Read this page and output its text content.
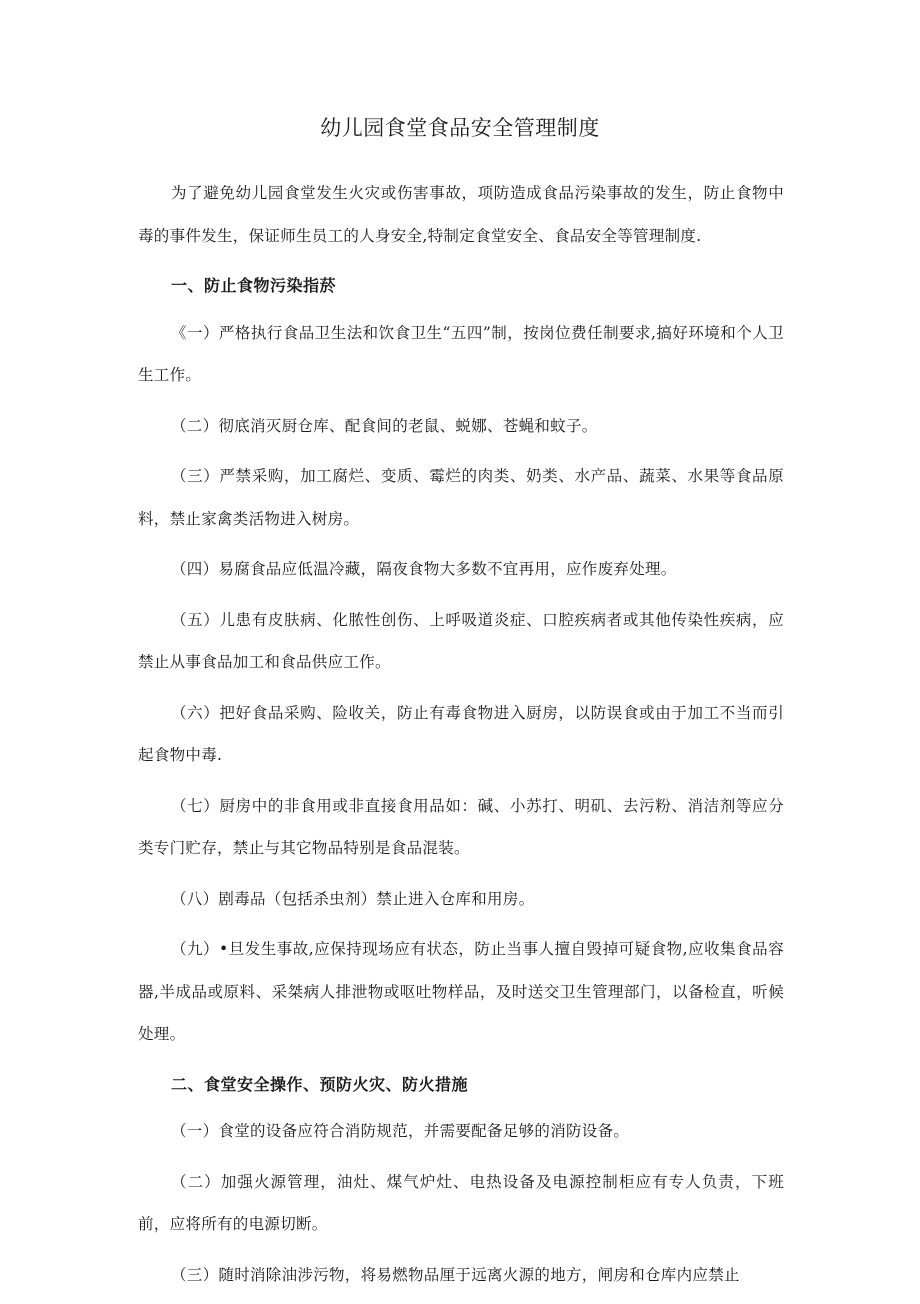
幼儿园食堂食品安全管理制度

为了避免幼儿园食堂发生火灾或伤害事故，项防造成食品污染事故的发生，防止食物中毒的事件发生，保证师生员工的人身安全,特制定食堂安全、食品安全等管理制度.

一、防止食物污染指菸

《一）严格执行食品卫生法和饮食卫生“五四”制，按岗位费任制要求,搞好环境和个人卫生工作。

（二）彻底消灭厨仓库、配食间的老鼠、蜕娜、苍蝇和蚊子。

（三）严禁采购，加工腐烂、变质、霉烂的肉类、奶类、水产品、蔬菜、水果等食品原料，禁止家禽类活物进入树房。

（四）易腐食品应低温冷藏，隔夜食物大多数不宜再用，应作废弃处理。

（五）儿患有皮肤病、化脓性创伤、上呼吸道炎症、口腔疾病者或其他传染性疾病，应禁止从事食品加工和食品供应工作。

（六）把好食品采购、险收关，防止有毒食物进入厨房，以防误食或由于加工不当而引起食物中毒.

（七）厨房中的非食用或非直接食用品如：碱、小苏打、明矶、去污粉、消洁剂等应分类专门贮存，禁止与其它物品特别是食品混装。

（八）剧毒品（包括杀虫剂）禁止进入仓库和用房。

（九）•旦发生事故,应保持现场应有状态，防止当事人擅自毁掉可疑食物,应收集食品容器,半成品或原料、采桀病人排泄物或呕吐物样品，及时送交卫生管理部门，以备检直，听候处理。

二、食堂安全操作、预防火灾、防火措施

（一）食堂的设备应符合消防规范，并需要配备足够的消防设备。

（二）加强火源管理，油灶、煤气炉灶、电热设备及电源控制柜应有专人负责，下班前，应将所有的电源切断。

（三）随时消除油涉污物，将易燃物品厘于远离火源的地方，闸房和仓库内应禁止
